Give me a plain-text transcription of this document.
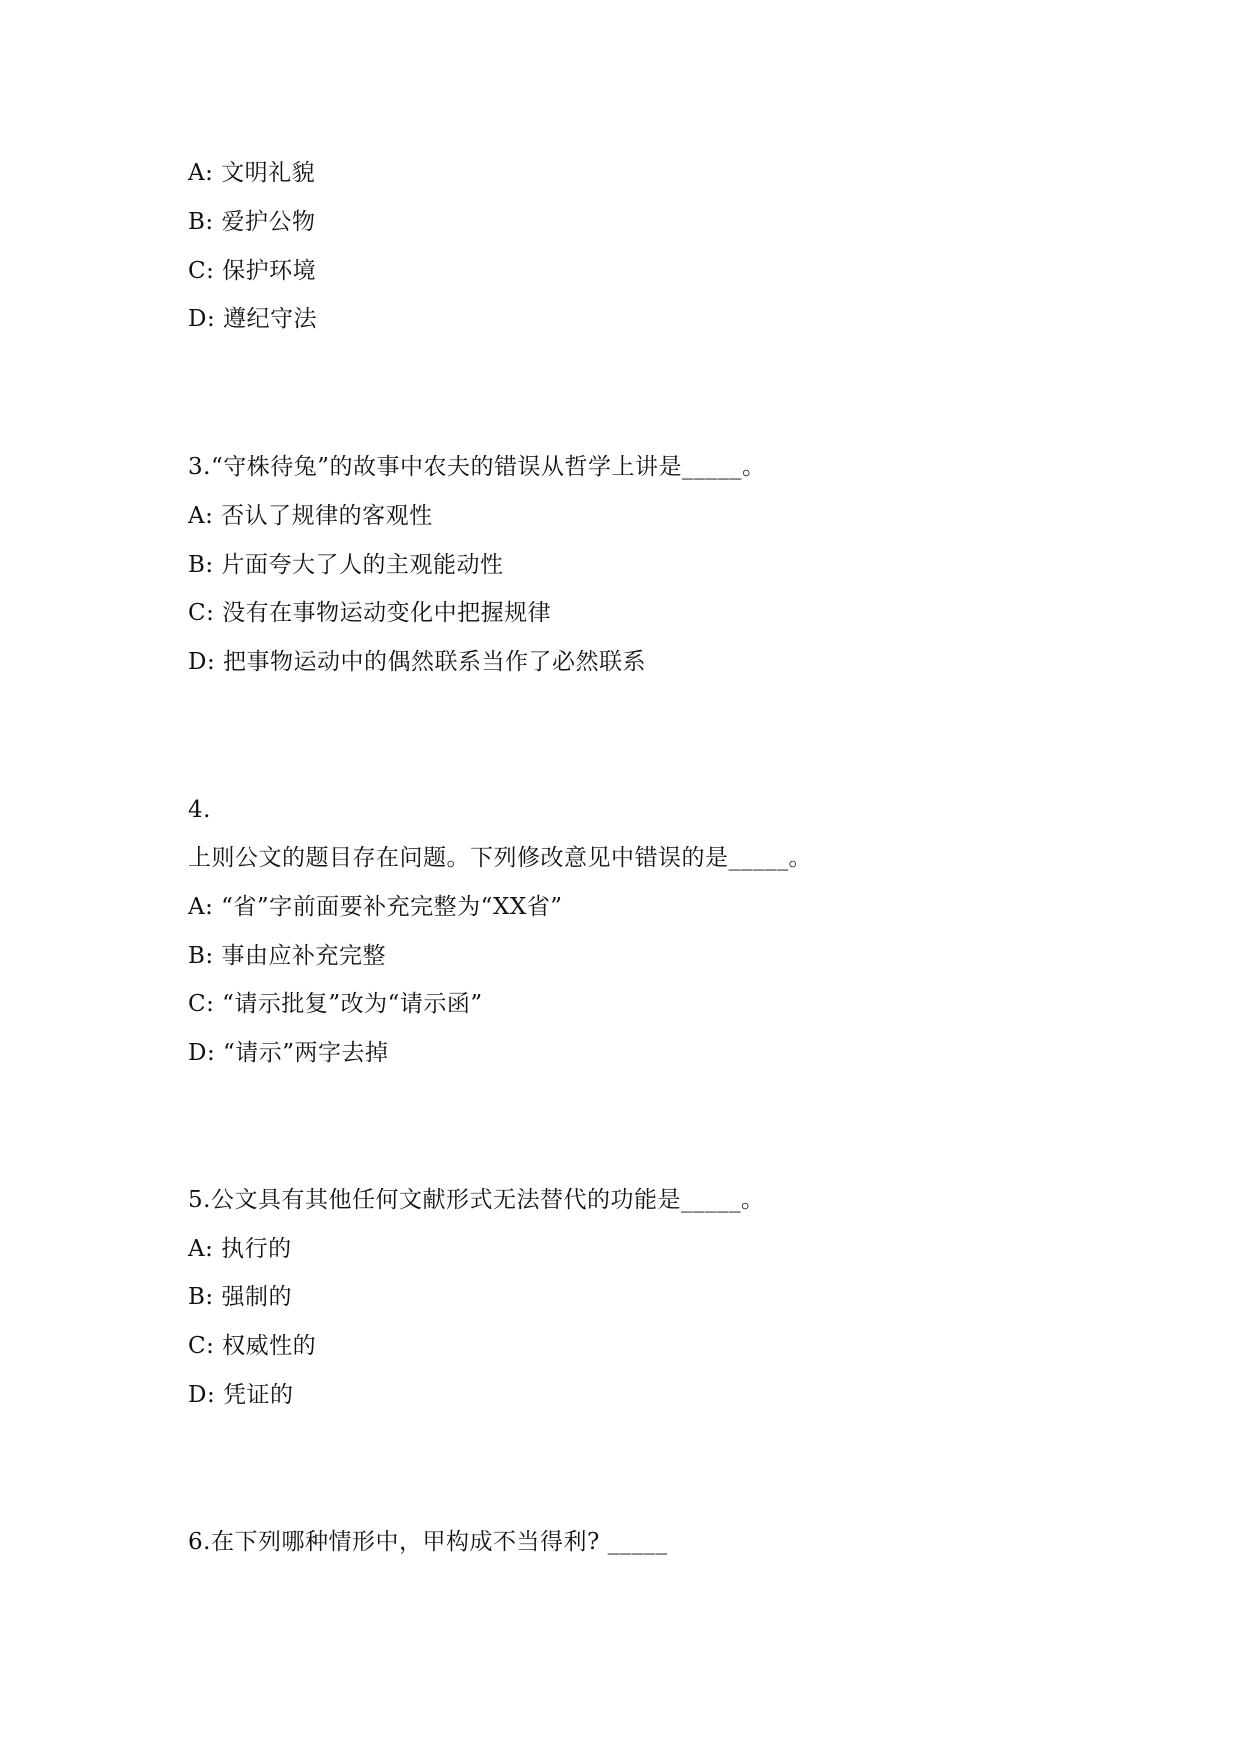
A: 文明礼貌
B: 爱护公物
C: 保护环境
D: 遵纪守法
3.“守株待兔”的故事中农夫的错误从哲学上讲是_____。
A: 否认了规律的客观性
B: 片面夸大了人的主观能动性
C: 没有在事物运动变化中把握规律
D: 把事物运动中的偶然联系当作了必然联系
4.
上则公文的题目存在问题。下列修改意见中错误的是_____。
A: “省”字前面要补充完整为“XX省”
B: 事由应补充完整
C: “请示批复”改为“请示函”
D: “请示”两字去掉
5.公文具有其他任何文献形式无法替代的功能是_____。
A: 执行的
B: 强制的
C: 权威性的
D: 凭证的
6.在下列哪种情形中，甲构成不当得利? _____
